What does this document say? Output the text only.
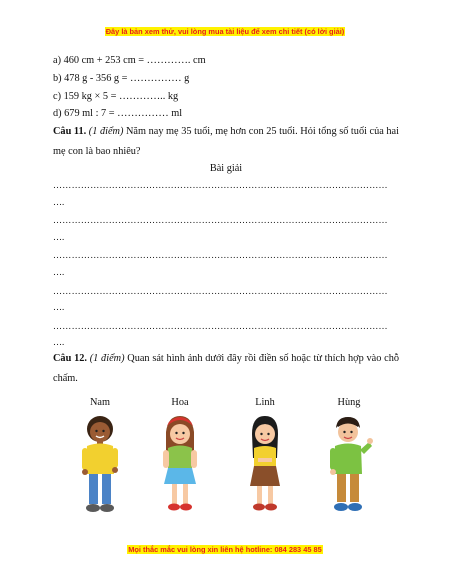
Đây là bản xem thử, vui lòng mua tài liệu để xem chi tiết (có lời giải)
a) 460 cm + 253 cm = …………. cm
b) 478 g - 356 g = …………… g
c) 159 kg × 5 = ………….. kg
d) 679 ml : 7 = …………… ml
Câu 11. (1 điểm) Năm nay mẹ 35 tuổi, mẹ hơn con 25 tuổi. Hỏi tổng số tuổi của hai mẹ con là bao nhiêu?
Bài giải
………………………………………………………………………………………………
….
………………………………………………………………………………………………
….
………………………………………………………………………………………………
….
………………………………………………………………………………………………
….
………………………………………………………………………………………………
….
Câu 12. (1 điểm) Quan sát hình ảnh dưới đây rồi điền số hoặc từ thích hợp vào chỗ chấm.
Nam	Hoa	Linh	Hùng
Mọi thắc mắc vui lòng xin liên hệ hotline: 084 283 45 85
